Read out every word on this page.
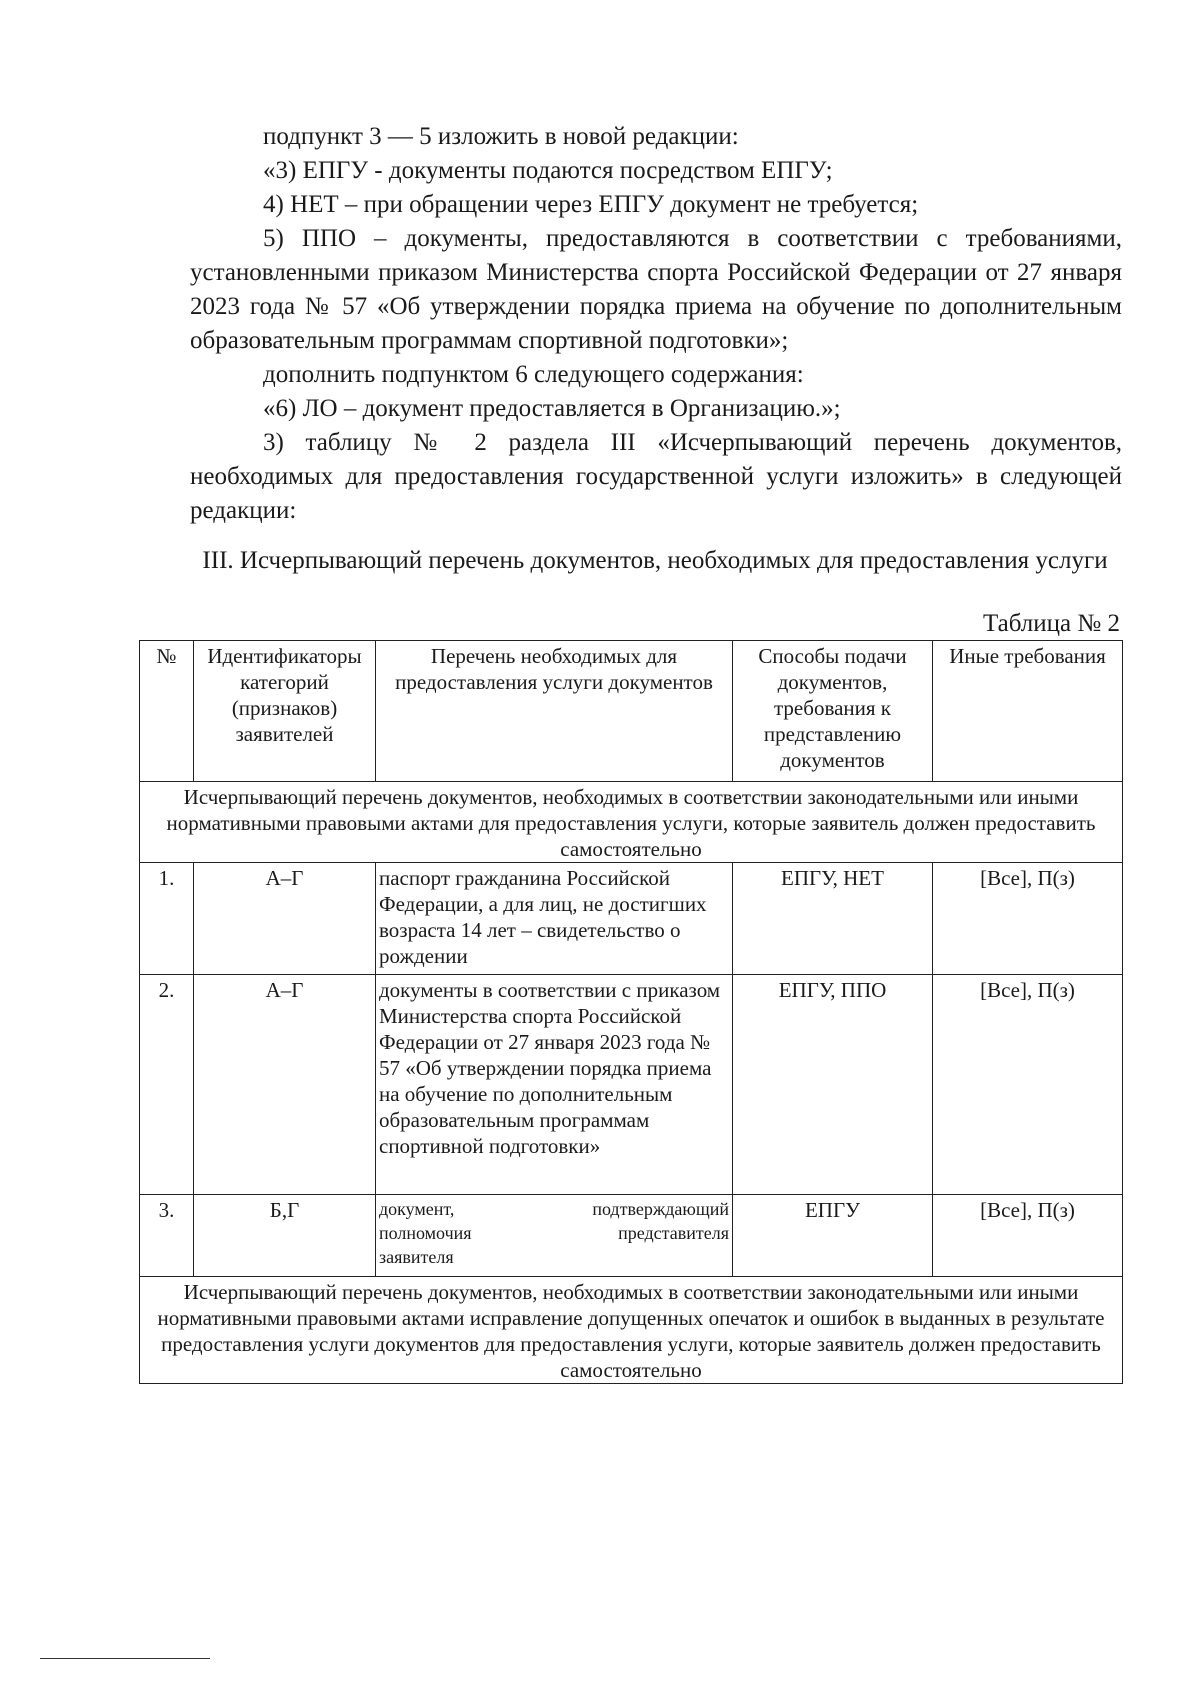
подпункт 3 — 5 изложить в новой редакции:

«3) ЕПГУ - документы подаются посредством ЕПГУ;

4) НЕТ – при обращении через ЕПГУ документ не требуется;

5) ППО – документы, предоставляются в соответствии с требованиями, установленными приказом Министерства спорта Российской Федерации от 27 января 2023 года № 57 «Об утверждении порядка приема на обучение по дополнительным образовательным программам спортивной подготовки»;

дополнить подпунктом 6 следующего содержания:

«6) ЛО – документ предоставляется в Организацию.»;

3) таблицу № 2 раздела III «Исчерпывающий перечень документов, необходимых для предоставления государственной услуги изложить» в следующей редакции:

III. Исчерпывающий перечень документов, необходимых для предоставления услуги

Таблица № 2
№	Идентификаторы категорий (признаков) заявителей	Перечень необходимых для предоставления услуги документов	Способы подачи документов, требования к представлению документов	Иные требования
Исчерпывающий перечень документов, необходимых в соответствии законодательными или иными нормативными правовыми актами для предоставления услуги, которые заявитель должен предоставить самостоятельно				
1.	А–Г	паспорт гражданина Российской Федерации, а для лиц, не достигших возраста 14 лет – свидетельство о рождении	ЕПГУ, НЕТ	[Все], П(з)
2.	А–Г	документы в соответствии с приказом Министерства спорта Российской Федерации от 27 января 2023 года № 57 «Об утверждении порядка приема на обучение по дополнительным образовательным программам спортивной подготовки»	ЕПГУ, ППО	[Все], П(з)
3.	Б,Г	документ, подтверждающий
полномочия представителя
заявителя	ЕПГУ	[Все], П(з)
Исчерпывающий перечень документов, необходимых в соответствии законодательными или иными нормативными правовыми актами исправление допущенных опечаток и ошибок в выданных в результате предоставления услуги документов для предоставления услуги, которые заявитель должен предоставить самостоятельно				
